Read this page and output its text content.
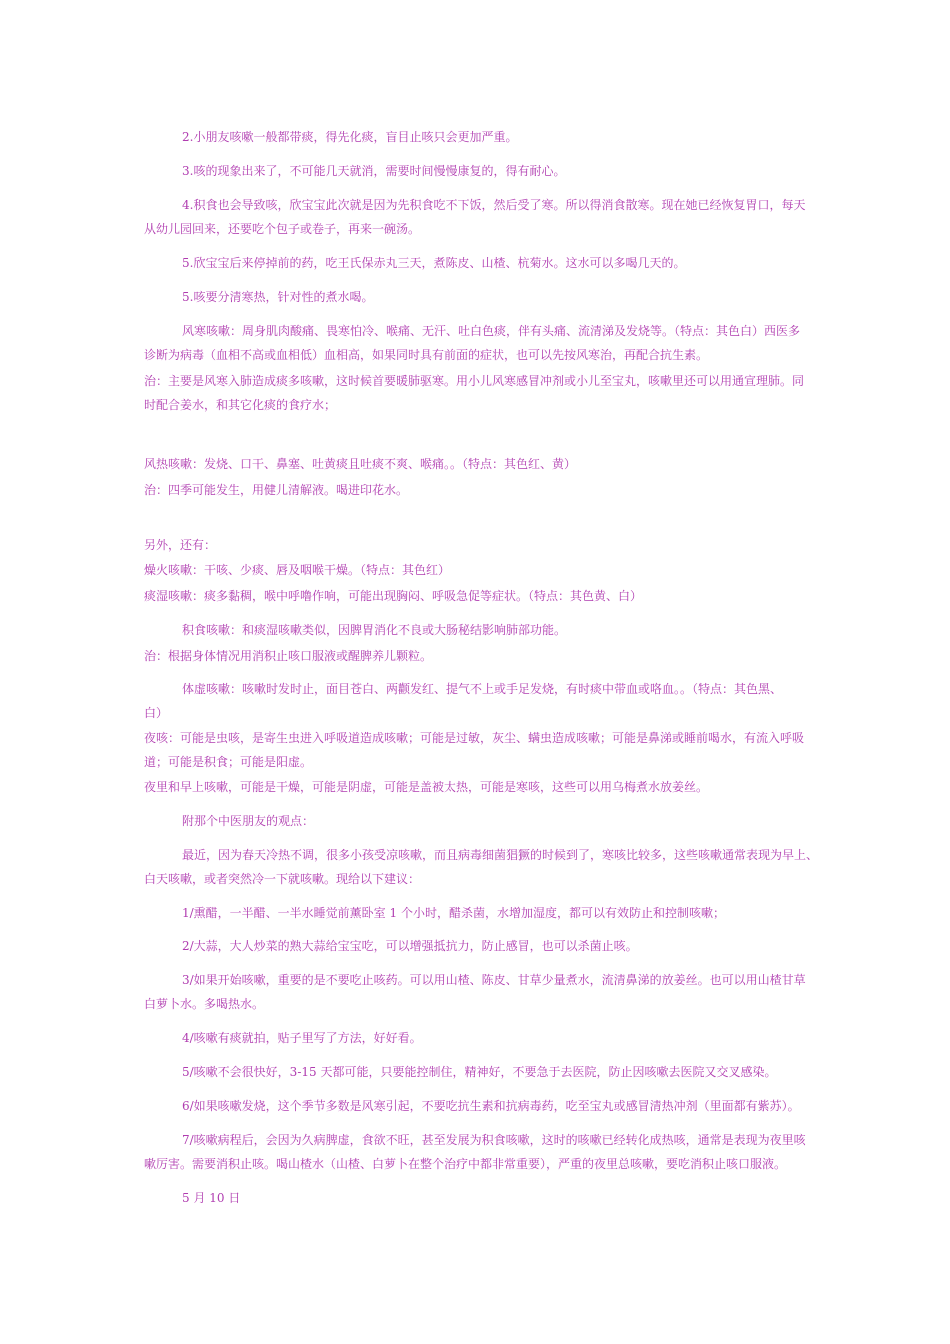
2.小朋友咳嗽一般都带痰，得先化痰，盲目止咳只会更加严重。
3.咳的现象出来了，不可能几天就消，需要时间慢慢康复的，得有耐心。
4.积食也会导致咳，欣宝宝此次就是因为先积食吃不下饭，然后受了寒。所以得消食散寒。现在她已经恢复胃口，每天
从幼儿园回来，还要吃个包子或卷子，再来一碗汤。
5.欣宝宝后来停掉前的药，吃王氏保赤丸三天，煮陈皮、山楂、杭菊水。这水可以多喝几天的。
5.咳要分清寒热，针对性的煮水喝。
风寒咳嗽：周身肌肉酸痛、畏寒怕冷、喉痛、无汗、吐白色痰，伴有头痛、流清涕及发烧等。（特点：其色白）西医多
诊断为病毒（血相不高或血相低）血相高，如果同时具有前面的症状，也可以先按风寒治，再配合抗生素。
治：主要是风寒入肺造成痰多咳嗽，这时候首要暖肺驱寒。用小儿风寒感冒冲剂或小儿至宝丸，咳嗽里还可以用通宣理肺。同
时配合姜水，和其它化痰的食疗水；
风热咳嗽：发烧、口干、鼻塞、吐黄痰且吐痰不爽、喉痛。。（特点：其色红、黄）
治：四季可能发生，用健儿清解液。喝进印花水。
另外，还有：
燥火咳嗽：干咳、少痰、唇及咽喉干燥。（特点：其色红）
痰湿咳嗽：痰多黏稠，喉中呼噜作响，可能出现胸闷、呼吸急促等症状。（特点：其色黄、白）
积食咳嗽：和痰湿咳嗽类似，因脾胃消化不良或大肠秘结影响肺部功能。
治：根据身体情况用消积止咳口服液或醒脾养儿颗粒。
体虚咳嗽：咳嗽时发时止，面目苍白、两颧发红、提气不上或手足发烧，有时痰中带血或咯血。。（特点：其色黑、
白）
夜咳：可能是虫咳，是寄生虫进入呼吸道造成咳嗽；可能是过敏，灰尘、螨虫造成咳嗽；可能是鼻涕或睡前喝水，有流入呼吸
道；可能是积食；可能是阳虚。
夜里和早上咳嗽，可能是干燥，可能是阴虚，可能是盖被太热，可能是寒咳，这些可以用乌梅煮水放姜丝。
附那个中医朋友的观点：
最近，因为春天冷热不调，很多小孩受凉咳嗽，而且病毒细菌猖獗的时候到了，寒咳比较多，这些咳嗽通常表现为早上、
白天咳嗽，或者突然冷一下就咳嗽。现给以下建议：
1/熏醋，一半醋、一半水睡觉前薰卧室 1 个小时，醋杀菌，水增加湿度，都可以有效防止和控制咳嗽；
2/大蒜，大人炒菜的熟大蒜给宝宝吃，可以增强抵抗力，防止感冒，也可以杀菌止咳。
3/如果开始咳嗽，重要的是不要吃止咳药。可以用山楂、陈皮、甘草少量煮水，流清鼻涕的放姜丝。也可以用山楂甘草
白萝卜水。多喝热水。
4/咳嗽有痰就拍，贴子里写了方法，好好看。
5/咳嗽不会很快好，3-15 天都可能，只要能控制住，精神好，不要急于去医院，防止因咳嗽去医院又交叉感染。
6/如果咳嗽发烧，这个季节多数是风寒引起，不要吃抗生素和抗病毒药，吃至宝丸或感冒清热冲剂（里面都有紫苏）。
7/咳嗽病程后，会因为久病脾虚，食欲不旺，甚至发展为积食咳嗽，这时的咳嗽已经转化成热咳，通常是表现为夜里咳
嗽厉害。需要消积止咳。喝山楂水（山楂、白萝卜在整个治疗中都非常重要），严重的夜里总咳嗽，要吃消积止咳口服液。
5 月 10 日
